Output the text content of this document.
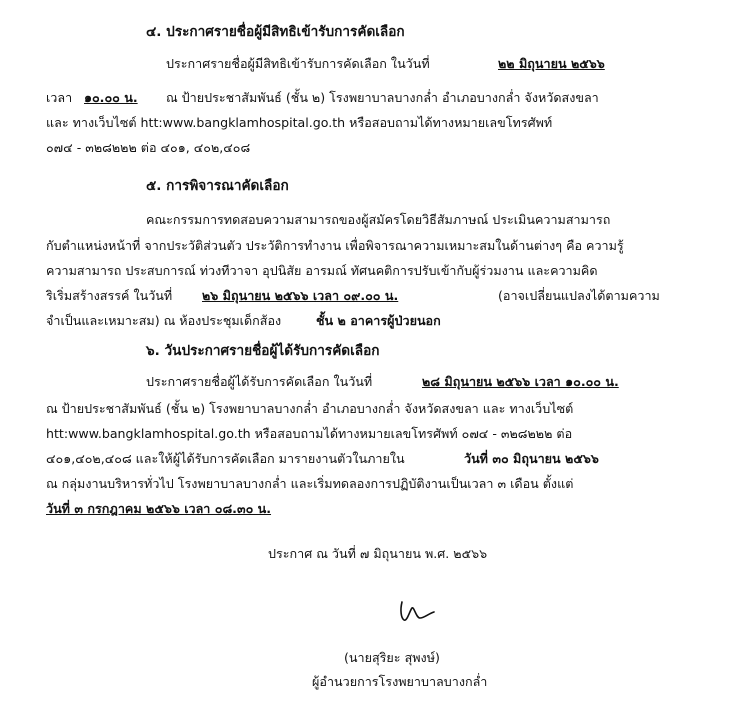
๔. ประกาศรายชื่อผู้มีสิทธิเข้ารับการคัดเลือก
ประกาศรายชื่อผู้มีสิทธิเข้ารับการคัดเลือก ในวันที่	๒๒ มิถุนายน ๒๕๖๖
เวลา ๑๐.๐๐ น. ณ ป้ายประชาสัมพันธ์ (ชั้น ๒) โรงพยาบาลบางกล่ำ อำเภอบางกล่ำ จังหวัดสงขลา
และ ทางเว็บไซต์ htt:www.bangklamhospital.go.th หรือสอบถามได้ทางหมายเลขโทรศัพท์
๐๗๔ - ๓๒๘๒๒๒ ต่อ ๔๐๑, ๔๐๒,๔๐๘
๕. การพิจารณาคัดเลือก
คณะกรรมการทดสอบความสามารถของผู้สมัครโดยวิธีสัมภาษณ์ ประเมินความสามารถ
กับตำแหน่งหน้าที่ จากประวัติส่วนตัว ประวัติการทำงาน เพื่อพิจารณาความเหมาะสมในด้านต่างๆ คือ ความรู้
ความสามารถ ประสบการณ์ ท่วงทีวาจา อุปนิสัย อารมณ์ ทัศนคติการปรับเข้ากับผู้ร่วมงาน และความคิด
ริเริ่มสร้างสรรค์ ในวันที่ ๒๖ มิถุนายน ๒๕๖๖ เวลา ๐๙.๐๐ น.	(อาจเปลี่ยนแปลงได้ตามความ
จำเป็นและเหมาะสม) ณ ห้องประชุมเด็กส้อง	ชั้น ๒ อาคารผู้ป่วยนอก
๖. วันประกาศรายชื่อผู้ได้รับการคัดเลือก
ประกาศรายชื่อผู้ได้รับการคัดเลือก ในวันที่	๒๘ มิถุนายน ๒๕๖๖ เวลา ๑๐.๐๐ น.
ณ ป้ายประชาสัมพันธ์ (ชั้น ๒) โรงพยาบาลบางกล่ำ อำเภอบางกล่ำ จังหวัดสงขลา และ ทางเว็บไซต์
htt:www.bangklamhospital.go.th หรือสอบถามได้ทางหมายเลขโทรศัพท์ ๐๗๔ - ๓๒๘๒๒๒ ต่อ
๔๐๑,๔๐๒,๔๐๘ และให้ผู้ได้รับการคัดเลือก มารายงานตัวในภายใน	วันที่ ๓๐ มิถุนายน ๒๕๖๖
ณ กลุ่มงานบริหารทั่วไป โรงพยาบาลบางกล่ำ และเริ่มทดลองการปฏิบัติงานเป็นเวลา ๓ เดือน ตั้งแต่
วันที่ ๓ กรกฎาคม ๒๕๖๖ เวลา ๐๘.๓๐ น.
ประกาศ ณ วันที่ ๗ มิถุนายน พ.ศ. ๒๕๖๖
(นายสุริยะ สุพงษ์)
ผู้อำนวยการโรงพยาบาลบางกล่ำ
